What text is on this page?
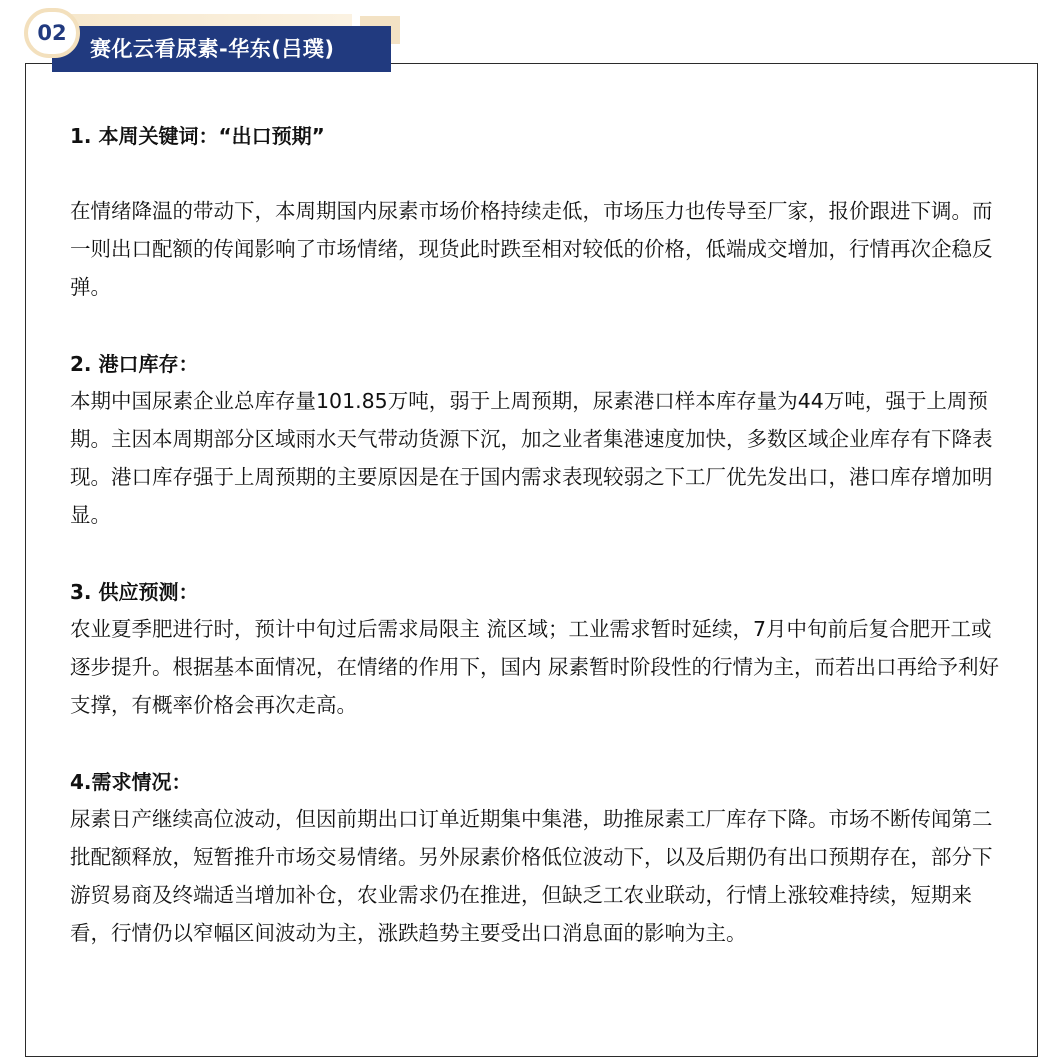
赛化云看尿素-华东(吕璞)
02

1. 本周关键词：“出口预期”

在情绪降温的带动下，本周期国内尿素市场价格持续走低，市场压力也传导至厂家，报价跟进下调。而一则出口配额的传闻影响了市场情绪，现货此时跌至相对较低的价格，低端成交增加，行情再次企稳反弹。

2. 港口库存：

本期中国尿素企业总库存量101.85万吨，弱于上周预期，尿素港口样本库存量为44万吨，强于上周预期。主因本周期部分区域雨水天气带动货源下沉，加之业者集港速度加快，多数区域企业库存有下降表现。港口库存强于上周预期的主要原因是在于国内需求表现较弱之下工厂优先发出口，港口库存增加明显。

3. 供应预测：

农业夏季肥进行时，预计中旬过后需求局限主 流区域；工业需求暂时延续，7月中旬前后复合肥开工或逐步提升。根据基本面情况，在情绪的作用下，国内 尿素暂时阶段性的行情为主，而若出口再给予利好支撑，有概率价格会再次走高。

4.需求情况：

尿素日产继续高位波动，但因前期出口订单近期集中集港，助推尿素工厂库存下降。市场不断传闻第二批配额释放，短暂推升市场交易情绪。另外尿素价格低位波动下，以及后期仍有出口预期存在，部分下游贸易商及终端适当增加补仓，农业需求仍在推进，但缺乏工农业联动，行情上涨较难持续，短期来看，行情仍以窄幅区间波动为主，涨跌趋势主要受出口消息面的影响为主。
